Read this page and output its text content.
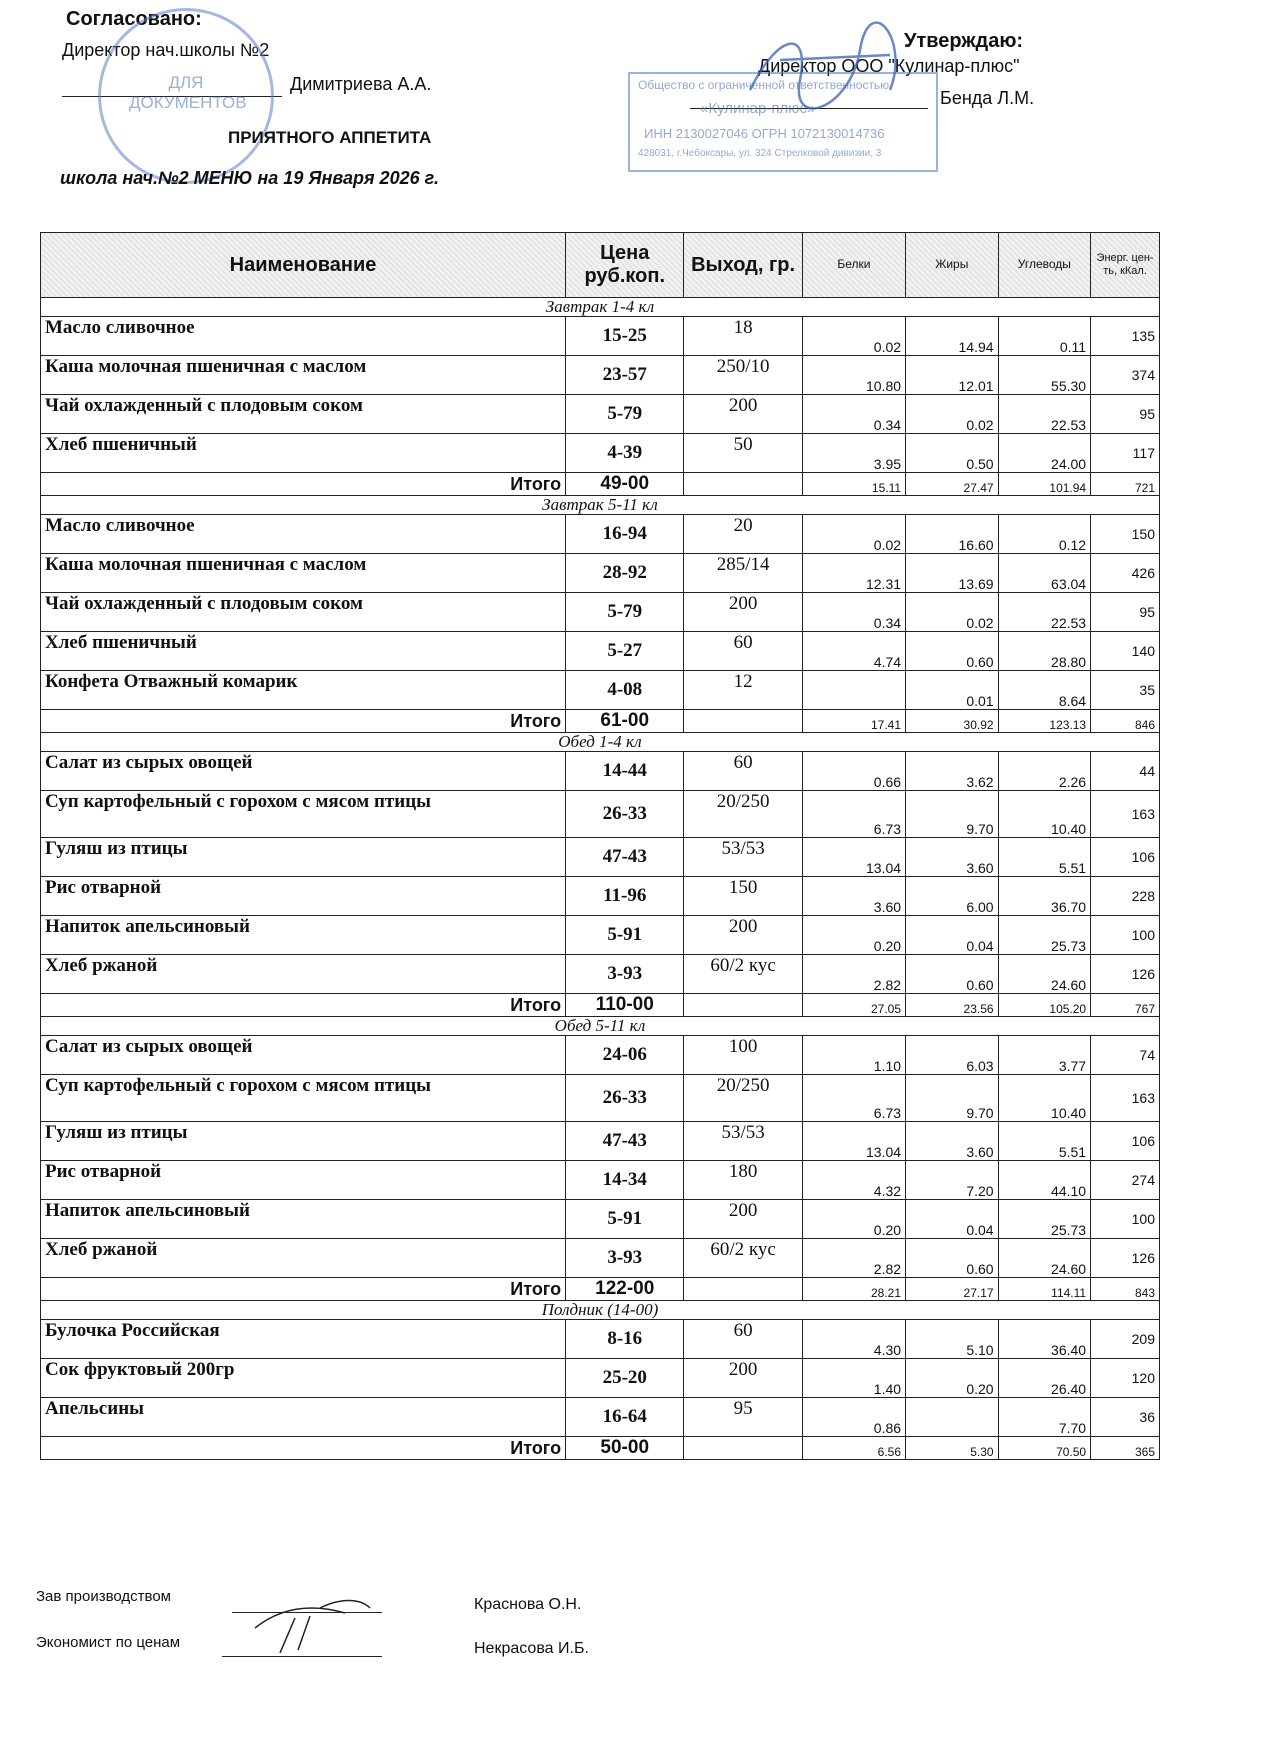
Согласовано:
Директор нач.школы №2
Димитриева А.А.
ДЛЯ ДОКУМЕНТОВ
ПРИЯТНОГО АППЕТИТА
школа нач.№2 МЕНЮ на 19 Января 2026 г.
Утверждаю:
Директор ООО "Кулинар-плюс"
Бенда Л.М.
Общество с ограниченной ответственностью
«Кулинар-плюс»
ИНН 2130027046 ОГРН 1072130014736
428031, г.Чебоксары, ул. 324 Стрелковой дивизии, 3
Наименование	Цена руб.коп.	Выход, гр.	Белки	Жиры	Углеводы	Энерг. цен-ть, кКал.
Завтрак 1-4 кл						
Масло сливочное	15-25	18	0.02	14.94	0.11	135
Каша молочная пшеничная с маслом	23-57	250/10	10.80	12.01	55.30	374
Чай охлажденный с плодовым соком	5-79	200	0.34	0.02	22.53	95
Хлеб пшеничный	4-39	50	3.95	0.50	24.00	117
Итого	49-00		15.11	27.47	101.94	721
Завтрак 5-11 кл						
Масло сливочное	16-94	20	0.02	16.60	0.12	150
Каша молочная пшеничная с маслом	28-92	285/14	12.31	13.69	63.04	426
Чай охлажденный с плодовым соком	5-79	200	0.34	0.02	22.53	95
Хлеб пшеничный	5-27	60	4.74	0.60	28.80	140
Конфета Отважный комарик	4-08	12		0.01	8.64	35
Итого	61-00		17.41	30.92	123.13	846
Обед 1-4 кл						
Салат из сырых овощей	14-44	60	0.66	3.62	2.26	44
Суп картофельный с горохом с мясом птицы	26-33	20/250	6.73	9.70	10.40	163
Гуляш из птицы	47-43	53/53	13.04	3.60	5.51	106
Рис отварной	11-96	150	3.60	6.00	36.70	228
Напиток апельсиновый	5-91	200	0.20	0.04	25.73	100
Хлеб ржаной	3-93	60/2 кус	2.82	0.60	24.60	126
Итого	110-00		27.05	23.56	105.20	767
Обед 5-11 кл						
Салат из сырых овощей	24-06	100	1.10	6.03	3.77	74
Суп картофельный с горохом с мясом птицы	26-33	20/250	6.73	9.70	10.40	163
Гуляш из птицы	47-43	53/53	13.04	3.60	5.51	106
Рис отварной	14-34	180	4.32	7.20	44.10	274
Напиток апельсиновый	5-91	200	0.20	0.04	25.73	100
Хлеб ржаной	3-93	60/2 кус	2.82	0.60	24.60	126
Итого	122-00		28.21	27.17	114.11	843
Полдник (14-00)						
Булочка Российская	8-16	60	4.30	5.10	36.40	209
Сок фруктовый 200гр	25-20	200	1.40	0.20	26.40	120
Апельсины	16-64	95	0.86		7.70	36
Итого	50-00		6.56	5.30	70.50	365
Зав производством	Краснова О.Н.
Экономист по ценам	Некрасова И.Б.
